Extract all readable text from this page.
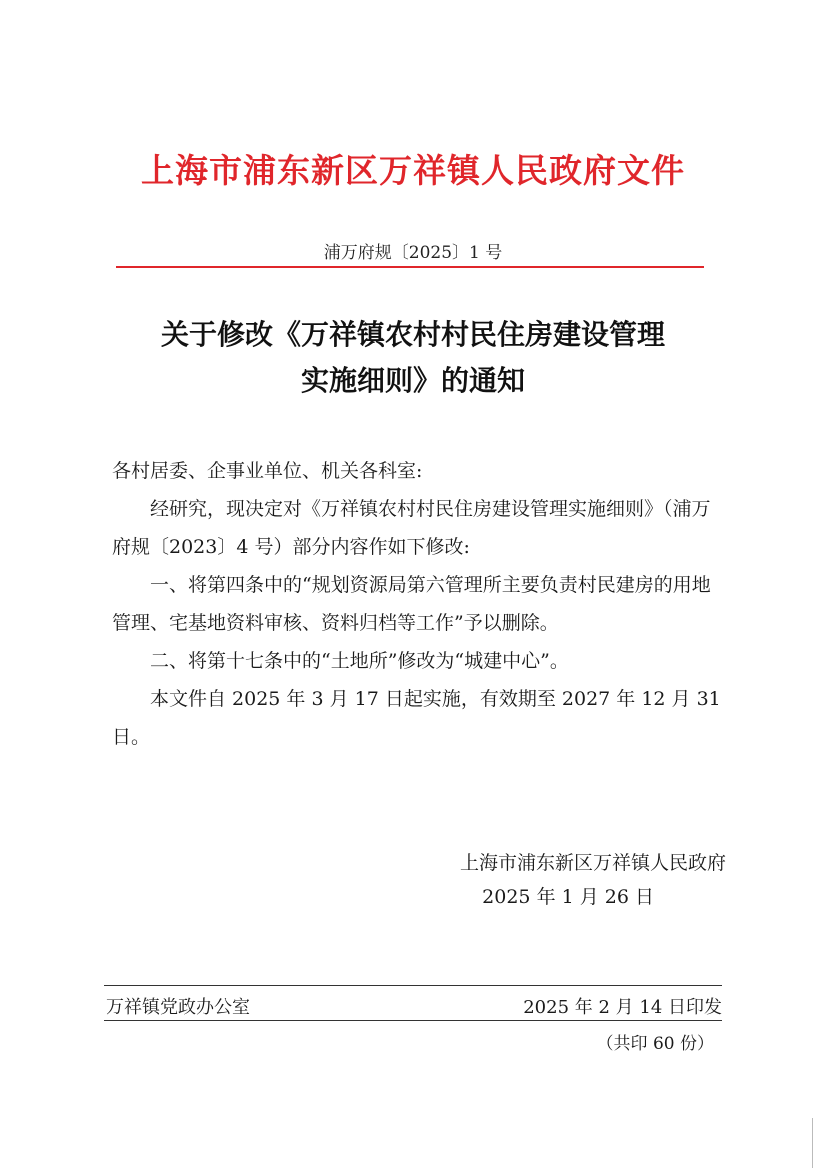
上海市浦东新区万祥镇人民政府文件
浦万府规〔2025〕1 号
关于修改《万祥镇农村村民住房建设管理
实施细则》的通知

各村居委、企事业单位、机关各科室:

经研究，现决定对《万祥镇农村村民住房建设管理实施细则》（浦万府规〔2023〕4 号）部分内容作如下修改:

一、将第四条中的“规划资源局第六管理所主要负责村民建房的用地管理、宅基地资料审核、资料归档等工作”予以删除。

二、将第十七条中的“土地所”修改为“城建中心”。

本文件自 2025 年 3 月 17 日起实施，有效期至 2027 年 12 月 31 日。

上海市浦东新区万祥镇人民政府
2025 年 1 月 26 日
万祥镇党政办公室	2025 年 2 月 14 日印发
（共印 60 份）
